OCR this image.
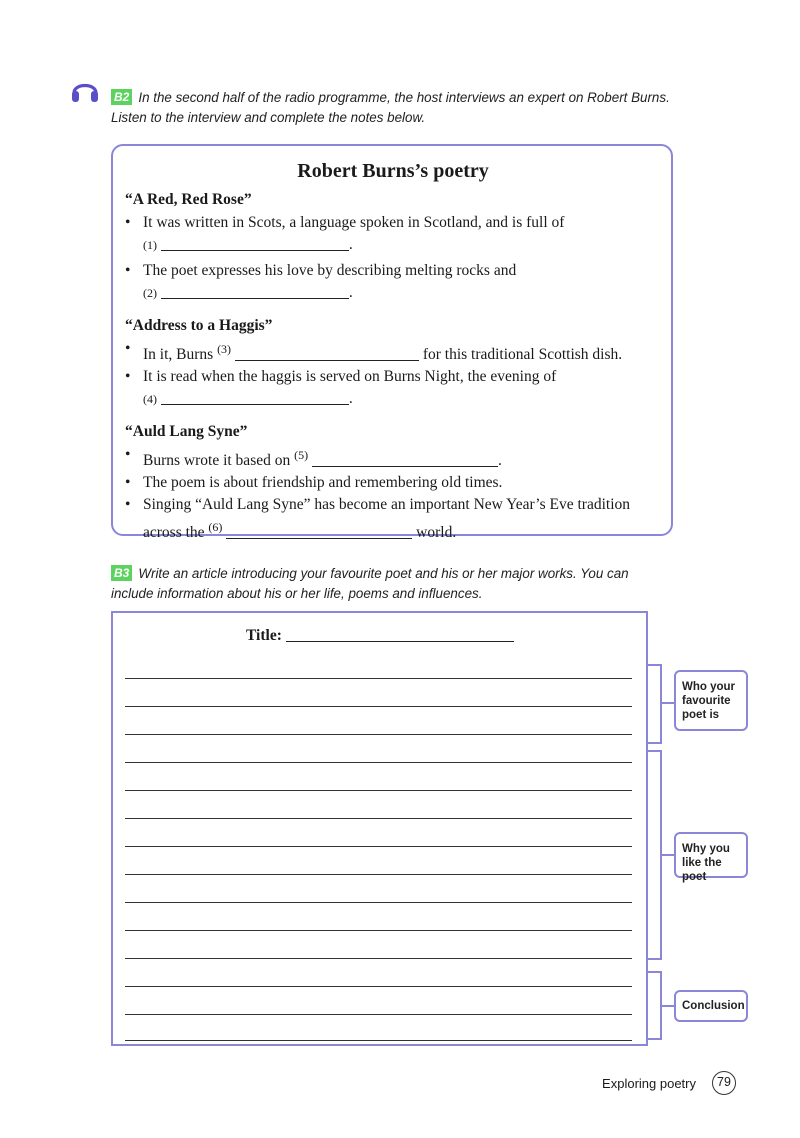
B2 In the second half of the radio programme, the host interviews an expert on Robert Burns. Listen to the interview and complete the notes below.
Robert Burns’s poetry
“A Red, Red Rose”
• It was written in Scots, a language spoken in Scotland, and is full of
(1)	.
• The poet expresses his love by describing melting rocks and
(2)	.
“Address to a Haggis”
• In it, Burns $^{(3)}$	for this traditional Scottish dish.
• It is read when the haggis is served on Burns Night, the evening of
(4)	.
“Auld Lang Syne”
• Burns wrote it based on $^{(5)}$	.
• The poem is about friendship and remembering old times.
• Singing “Auld Lang Syne” has become an important New Year’s Eve tradition
across the $^{(6)}$	world.
B3 Write an article introducing your favourite poet and his or her major works. You can include information about his or her life, poems and influences.
Title:
Who your favourite poet is
Why you like the poet
Conclusion
Exploring poetry	79
